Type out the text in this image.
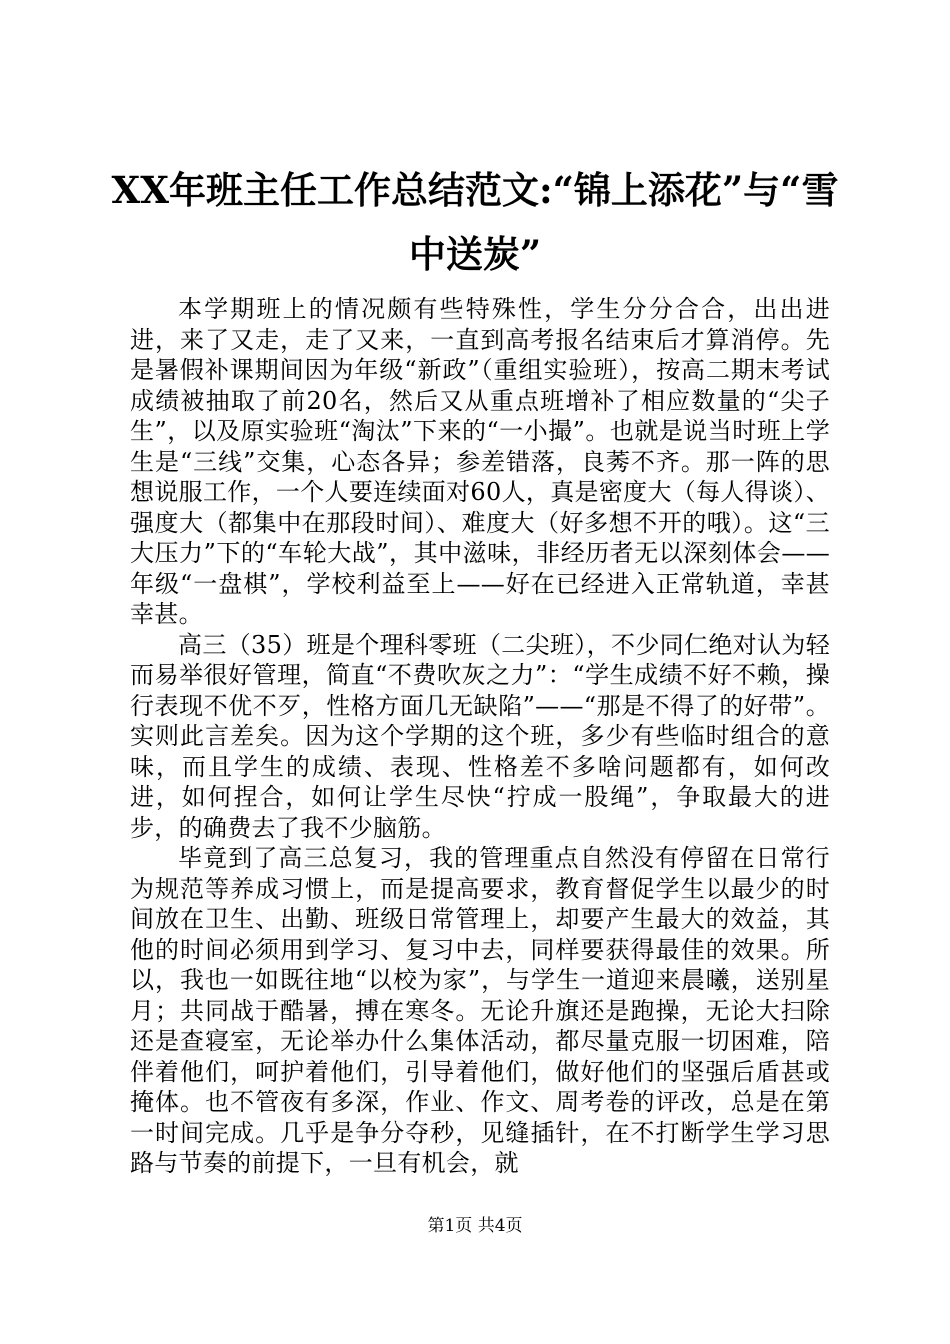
XX年班主任工作总结范文:“锦上添花”与“雪中送炭”

本学期班上的情况颇有些特殊性，学生分分合合，出出进进，来了又走，走了又来，一直到高考报名结束后才算消停。先是暑假补课期间因为年级“新政”（重组实验班），按高二期末考试成绩被抽取了前20名，然后又从重点班增补了相应数量的“尖子生”，以及原实验班“淘汰”下来的“一小撮”。也就是说当时班上学生是“三线”交集，心态各异；参差错落，良莠不齐。那一阵的思想说服工作，一个人要连续面对60人，真是密度大（每人得谈）、强度大（都集中在那段时间）、难度大（好多想不开的哦）。这“三大压力”下的“车轮大战”，其中滋味，非经历者无以深刻体会——年级“一盘棋”，学校利益至上——好在已经进入正常轨道，幸甚幸甚。

高三（35）班是个理科零班（二尖班），不少同仁绝对认为轻而易举很好管理，简直“不费吹灰之力”：“学生成绩不好不赖，操行表现不优不歹，性格方面几无缺陷”——“那是不得了的好带”。实则此言差矣。因为这个学期的这个班，多少有些临时组合的意味，而且学生的成绩、表现、性格差不多啥问题都有，如何改进，如何捏合，如何让学生尽快“拧成一股绳”，争取最大的进步，的确费去了我不少脑筋。

毕竟到了高三总复习，我的管理重点自然没有停留在日常行为规范等养成习惯上，而是提高要求，教育督促学生以最少的时间放在卫生、出勤、班级日常管理上，却要产生最大的效益，其他的时间必须用到学习、复习中去，同样要获得最佳的效果。所以，我也一如既往地“以校为家”，与学生一道迎来晨曦，送别星月；共同战于酷暑，搏在寒冬。无论升旗还是跑操，无论大扫除还是查寝室，无论举办什么集体活动，都尽量克服一切困难，陪伴着他们，呵护着他们，引导着他们，做好他们的坚强后盾甚或掩体。也不管夜有多深，作业、作文、周考卷的评改，总是在第一时间完成。几乎是争分夺秒，见缝插针，在不打断学生学习思路与节奏的前提下，一旦有机会，就

第1页 共4页
